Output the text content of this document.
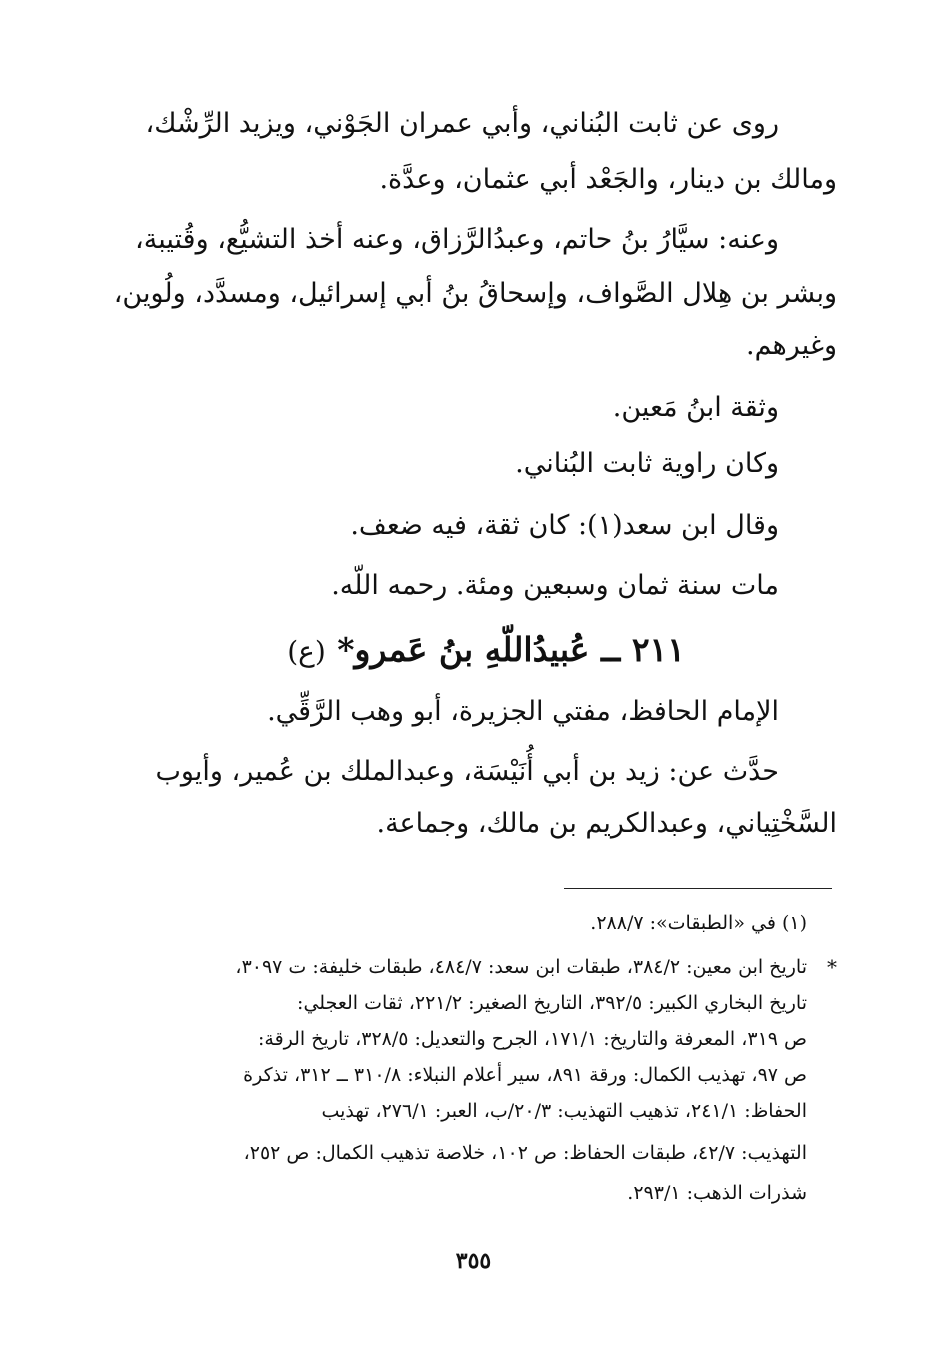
روى عن ثابت البُناني، وأبي عمران الجَوْني، ويزيد الرِّشْك،
ومالك بن دينار، والجَعْد أبي عثمان، وعدَّة.
وعنه: سيَّارُ بنُ حاتم، وعبدُالرَّزاق، وعنه أخذ التشيُّع، وقُتيبة،
وبشر بن هِلال الصَّواف، وإسحاقُ بنُ أبي إسرائيل، ومسدَّد، ولُوين،
وغيرهم.
وثقة ابنُ مَعين.
وكان راوية ثابت البُناني.
وقال ابن سعد(١): كان ثقة، فيه ضعف.
مات سنة ثمان وسبعين ومئة. رحمه اللّه.
٢١١ ــ عُبيدُاللّهِ بنُ عَمرو* (ع)
الإمام الحافظ، مفتي الجزيرة، أبو وهب الرَّقِّي.
حدَّث عن: زيد بن أبي أُنَيْسَة، وعبدالملك بن عُمير، وأيوب
السَّخْتِياني، وعبدالكريم بن مالك، وجماعة.
(١) في «الطبقات»: ٢٨٨/٧.
*
تاريخ ابن معين: ٣٨٤/٢، طبقات ابن سعد: ٤٨٤/٧، طبقات خليفة: ت ٣٠٩٧،
تاريخ البخاري الكبير: ٣٩٢/٥، التاريخ الصغير: ٢٢١/٢، ثقات العجلي:
ص ٣١٩، المعرفة والتاريخ: ١٧١/١، الجرح والتعديل: ٣٢٨/٥، تاريخ الرقة:
ص ٩٧، تهذيب الكمال: ورقة ٨٩١، سير أعلام النبلاء: ٣١٠/٨ ــ ٣١٢، تذكرة
الحفاظ: ٢٤١/١، تذهيب التهذيب: ٢٠/٣/ب، العبر: ٢٧٦/١، تهذيب
التهذيب: ٤٢/٧، طبقات الحفاظ: ص ١٠٢، خلاصة تذهيب الكمال: ص ٢٥٢،
شذرات الذهب: ٢٩٣/١.
٣٥٥
